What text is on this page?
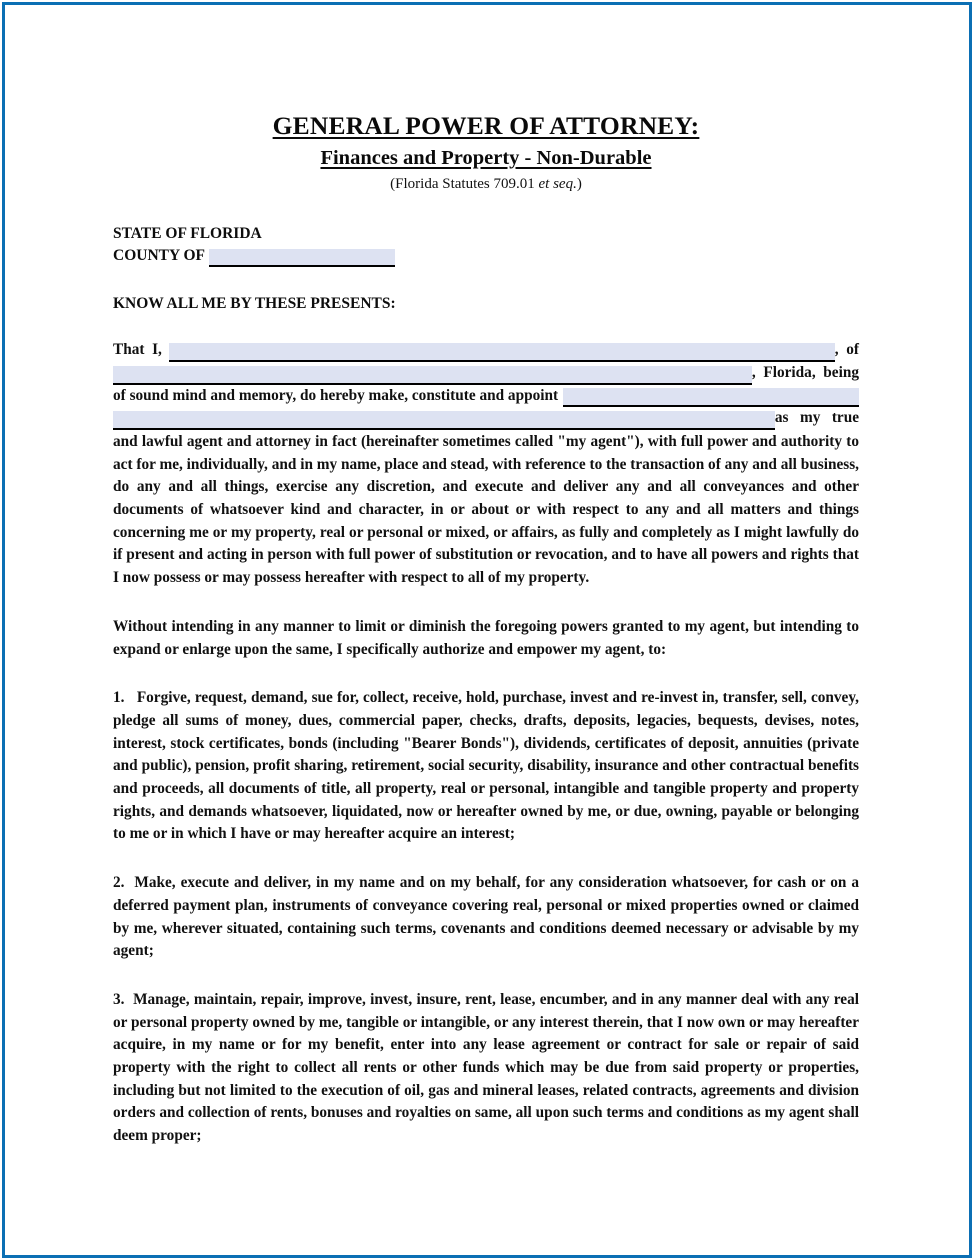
GENERAL POWER OF ATTORNEY:
Finances and Property - Non-Durable
(Florida Statutes 709.01 et seq.)
STATE OF FLORIDA
COUNTY OF
KNOW ALL ME BY THESE PRESENTS:
That  I,	,  of
,  Florida,  being
of sound mind and memory, do hereby make, constitute and appoint
as   my   true
and lawful agent and attorney in fact (hereinafter sometimes called "my agent"), with full power and authority to act for me, individually, and in my name, place and stead, with reference to the transaction of any and all business, do any and all things, exercise any discretion, and execute and deliver any and all conveyances and other documents of whatsoever kind and character, in or about or with respect to any and all matters and things concerning me or my property, real or personal or mixed, or affairs, as fully and completely as I might lawfully do if present and acting in person with full power of substitution or revocation, and to have all powers and rights that I now possess or may possess hereafter with respect to all of my property.
Without intending in any manner to limit or diminish the foregoing powers granted to my agent, but intending to expand or enlarge upon the same, I specifically authorize and empower my agent, to:
1. Forgive, request, demand, sue for, collect, receive, hold, purchase, invest and re-invest in, transfer, sell, convey, pledge all sums of money, dues, commercial paper, checks, drafts, deposits, legacies, bequests, devises, notes, interest, stock certificates, bonds (including "Bearer Bonds"), dividends, certificates of deposit, annuities (private and public), pension, profit sharing, retirement, social security, disability, insurance and other contractual benefits and proceeds, all documents of title, all property, real or personal, intangible and tangible property and property rights, and demands whatsoever, liquidated, now or hereafter owned by me, or due, owning, payable or belonging to me or in which I have or may hereafter acquire an interest;
2. Make, execute and deliver, in my name and on my behalf, for any consideration whatsoever, for cash or on a deferred payment plan, instruments of conveyance covering real, personal or mixed properties owned or claimed by me, wherever situated, containing such terms, covenants and conditions deemed necessary or advisable by my agent;
3. Manage, maintain, repair, improve, invest, insure, rent, lease, encumber, and in any manner deal with any real or personal property owned by me, tangible or intangible, or any interest therein, that I now own or may hereafter acquire, in my name or for my benefit, enter into any lease agreement or contract for sale or repair of said property with the right to collect all rents or other funds which may be due from said property or properties, including but not limited to the execution of oil, gas and mineral leases, related contracts, agreements and division orders and collection of rents, bonuses and royalties on same, all upon such terms and conditions as my agent shall deem proper;
